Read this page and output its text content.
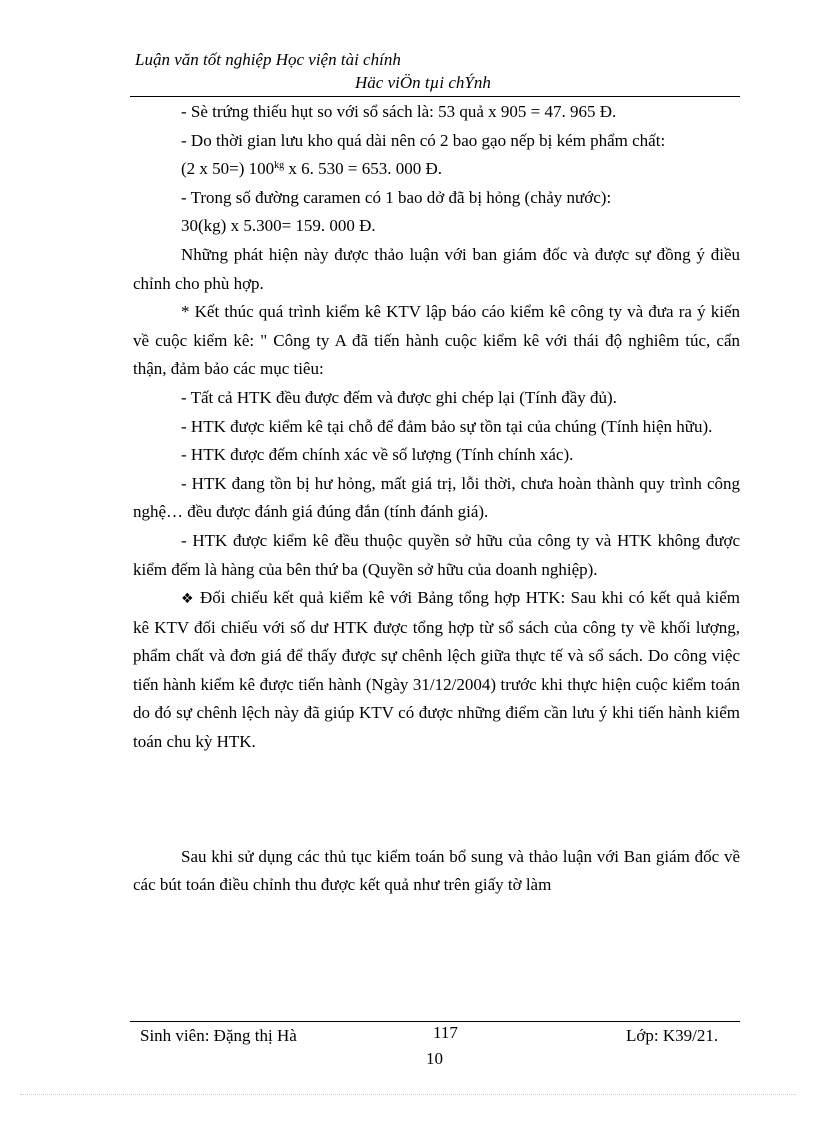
Luận văn tốt nghiệp Học viện tài chính
Häc viÖn tµi chÝnh

- Sè trứng thiếu hụt so với sổ sách là: 53 quả x 905 = 47. 965 Đ.

- Do thời gian lưu kho quá dài nên có 2 bao gạo nếp bị kém phẩm chất:

(2 x 50=) $100^{kg}$ x 6. 530 = 653. 000 Đ.

- Trong số đường caramen có 1 bao dở đã bị hỏng (chảy nước):

30(kg) x 5.300= 159. 000 Đ.

Những phát hiện này được thảo luận với ban giám đốc và được sự đồng ý điều chỉnh cho phù hợp.

* Kết thúc quá trình kiểm kê KTV lập báo cáo kiểm kê công ty và đưa ra ý kiến về cuộc kiểm kê: " Công ty A đã tiến hành cuộc kiểm kê với thái độ nghiêm túc, cẩn thận, đảm bảo các mục tiêu:

- Tất cả HTK đều được đếm và được ghi chép lại (Tính đầy đủ).

- HTK được kiểm kê tại chỗ để đảm bảo sự tồn tại của chúng (Tính hiện hữu).

- HTK được đếm chính xác về số lượng (Tính chính xác).

- HTK đang tồn bị hư hỏng, mất giá trị, lỗi thời, chưa hoàn thành quy trình công nghệ… đều được đánh giá đúng đắn (tính đánh giá).

- HTK được kiểm kê đều thuộc quyền sở hữu của công ty và HTK không được kiểm đếm là hàng của bên thứ ba (Quyền sở hữu của doanh nghiệp).

❖ Đối chiếu kết quả kiểm kê với Bảng tổng hợp HTK: Sau khi có kết quả kiểm kê KTV đối chiếu với số dư HTK được tổng hợp từ sổ sách của công ty về khối lượng, phẩm chất và đơn giá để thấy được sự chênh lệch giữa thực tế và sổ sách. Do công việc tiến hành kiểm kê được tiến hành (Ngày 31/12/2004) trước khi thực hiện cuộc kiểm toán do đó sự chênh lệch này đã giúp KTV có được những điểm cần lưu ý khi tiến hành kiểm toán chu kỳ HTK.

Sau khi sử dụng các thủ tục kiểm toán bổ sung và thảo luận với Ban giám đốc về các bút toán điều chỉnh thu được kết quả như trên giấy tờ làm

Sinh viên: Đặng thị Hà	117	Lớp: K39/21.
10
